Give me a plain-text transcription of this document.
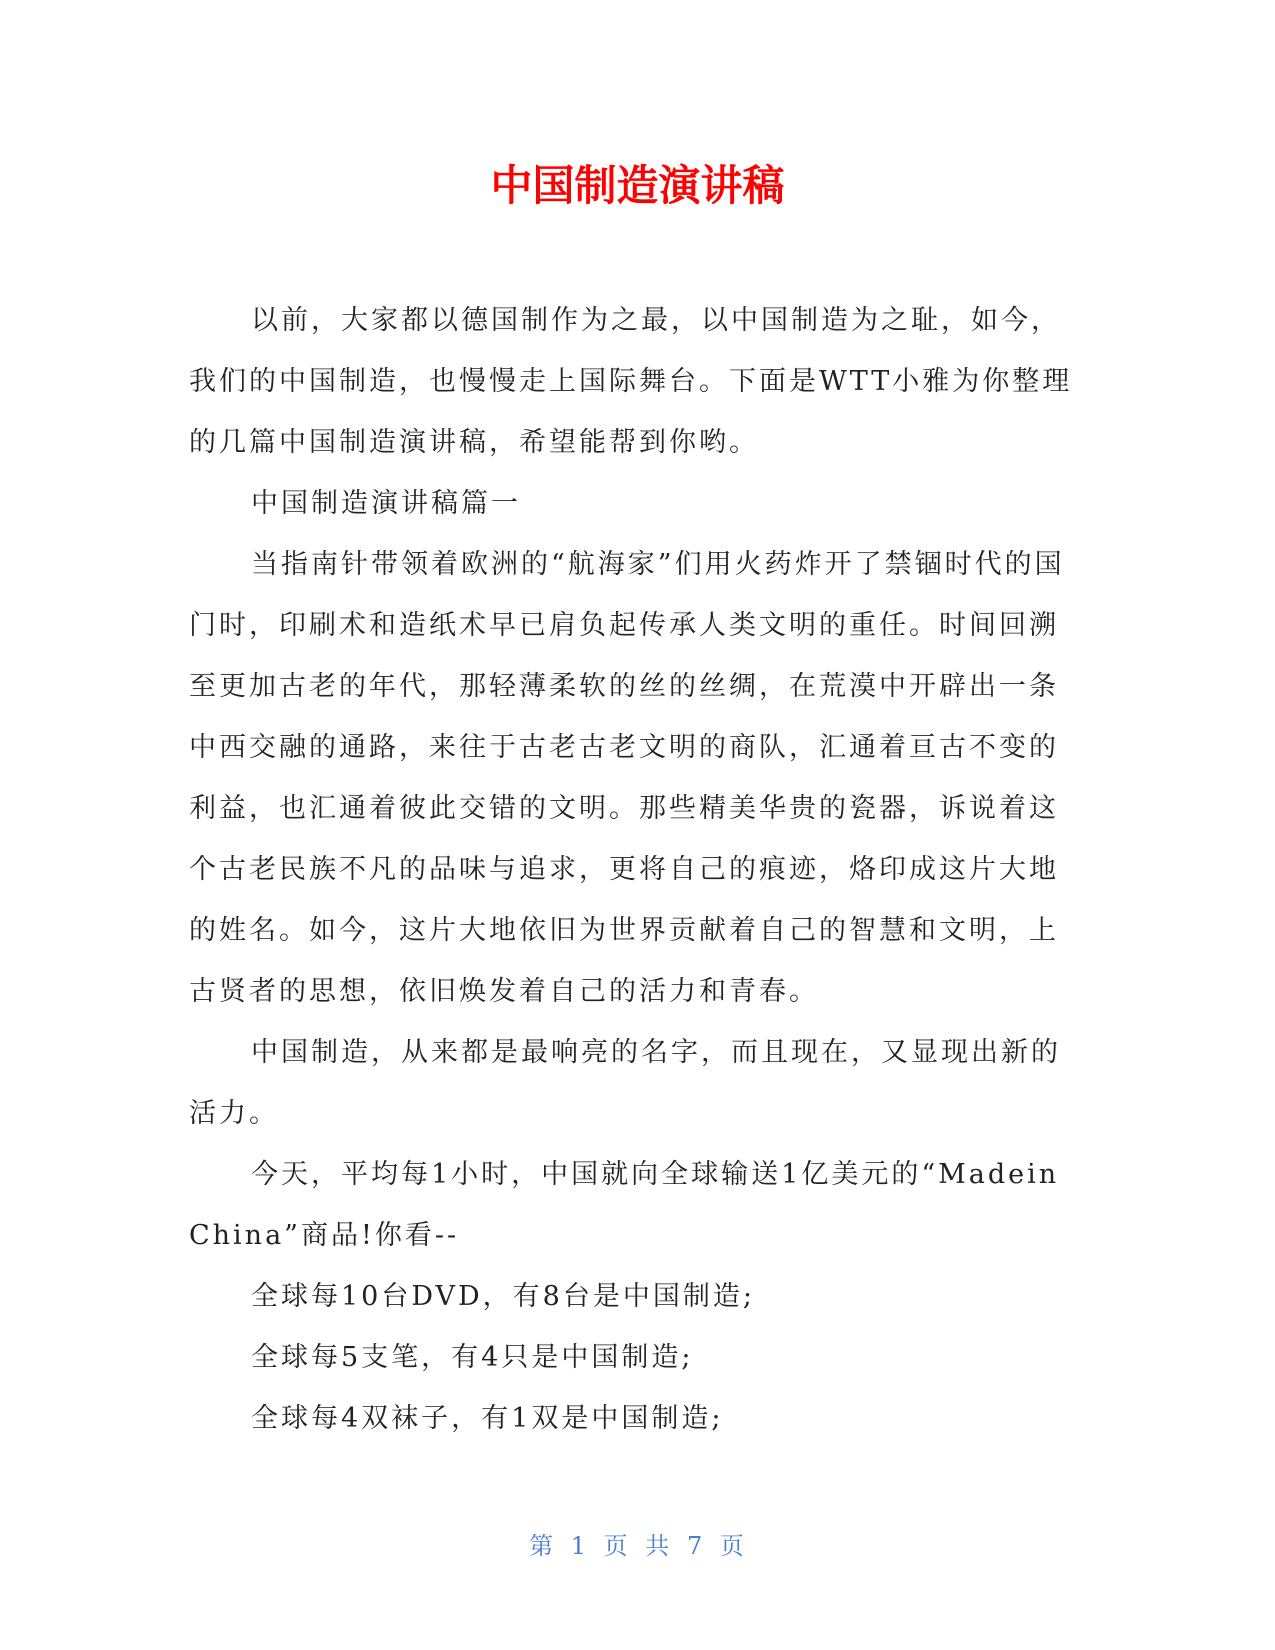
中国制造演讲稿

以前，大家都以德国制作为之最，以中国制造为之耻，如今，我们的中国制造，也慢慢走上国际舞台。下面是WTT小雅为你整理的几篇中国制造演讲稿，希望能帮到你哟。

中国制造演讲稿篇一

当指南针带领着欧洲的“航海家”们用火药炸开了禁锢时代的国门时，印刷术和造纸术早已肩负起传承人类文明的重任。时间回溯至更加古老的年代，那轻薄柔软的丝的丝绸，在荒漠中开辟出一条中西交融的通路，来往于古老古老文明的商队，汇通着亘古不变的利益，也汇通着彼此交错的文明。那些精美华贵的瓷器，诉说着这个古老民族不凡的品味与追求，更将自己的痕迹，烙印成这片大地的姓名。如今，这片大地依旧为世界贡献着自己的智慧和文明，上古贤者的思想，依旧焕发着自己的活力和青春。

中国制造，从来都是最响亮的名字，而且现在，又显现出新的活力。

今天，平均每1小时，中国就向全球输送1亿美元的“MadeinChina”商品!你看--

全球每10台DVD，有8台是中国制造;

全球每5支笔，有4只是中国制造;

全球每4双袜子，有1双是中国制造;

第 1 页 共 7 页
